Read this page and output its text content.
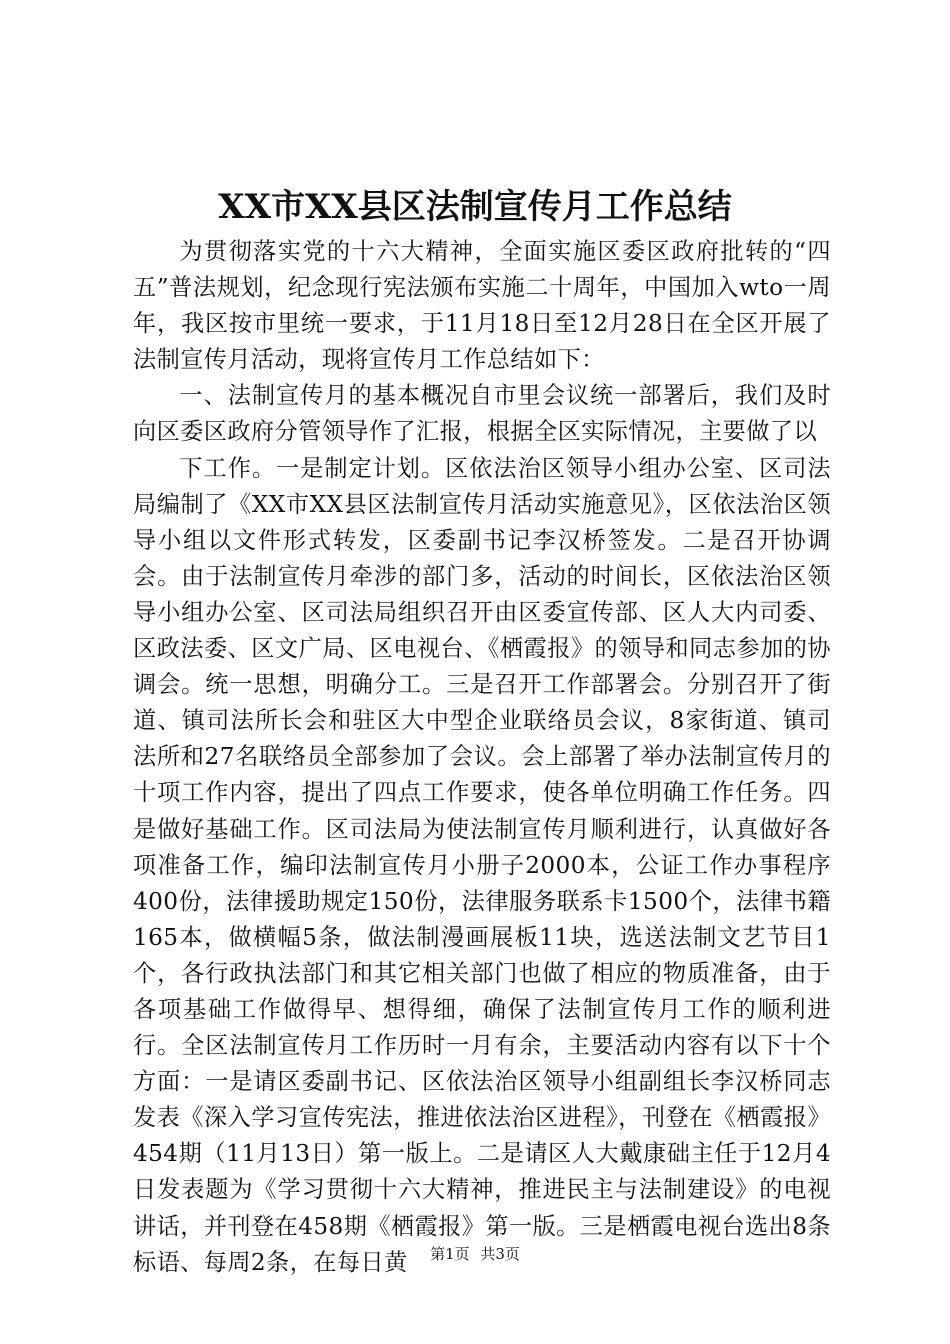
XX市XX县区法制宣传月工作总结

为贯彻落实党的十六大精神，全面实施区委区政府批转的“四五”普法规划，纪念现行宪法颁布实施二十周年，中国加入wto一周年，我区按市里统一要求，于11月18日至12月28日在全区开展了法制宣传月活动，现将宣传月工作总结如下：

一、法制宣传月的基本概况自市里会议统一部署后，我们及时向区委区政府分管领导作了汇报，根据全区实际情况，主要做了以

下工作。一是制定计划。区依法治区领导小组办公室、区司法局编制了《XX市XX县区法制宣传月活动实施意见》，区依法治区领导小组以文件形式转发，区委副书记李汉桥签发。二是召开协调会。由于法制宣传月牵涉的部门多，活动的时间长，区依法治区领导小组办公室、区司法局组织召开由区委宣传部、区人大内司委、区政法委、区文广局、区电视台、《栖霞报》的领导和同志参加的协调会。统一思想，明确分工。三是召开工作部署会。分别召开了街道、镇司法所长会和驻区大中型企业联络员会议，8家街道、镇司法所和27名联络员全部参加了会议。会上部署了举办法制宣传月的十项工作内容，提出了四点工作要求，使各单位明确工作任务。四是做好基础工作。区司法局为使法制宣传月顺利进行，认真做好各项准备工作，编印法制宣传月小册子2000本，公证工作办事程序400份，法律援助规定150份，法律服务联系卡1500个，法律书籍165本，做横幅5条，做法制漫画展板11块，选送法制文艺节目1个，各行政执法部门和其它相关部门也做了相应的物质准备，由于各项基础工作做得早、想得细，确保了法制宣传月工作的顺利进行。全区法制宣传月工作历时一月有余，主要活动内容有以下十个方面：一是请区委副书记、区依法治区领导小组副组长李汉桥同志发表《深入学习宣传宪法，推进依法治区进程》，刊登在《栖霞报》454期（11月13日）第一版上。二是请区人大戴康础主任于12月4日发表题为《学习贯彻十六大精神，推进民主与法制建设》的电视讲话，并刊登在458期《栖霞报》第一版。三是栖霞电视台选出8条标语、每周2条，在每日黄	第1页 共3页
